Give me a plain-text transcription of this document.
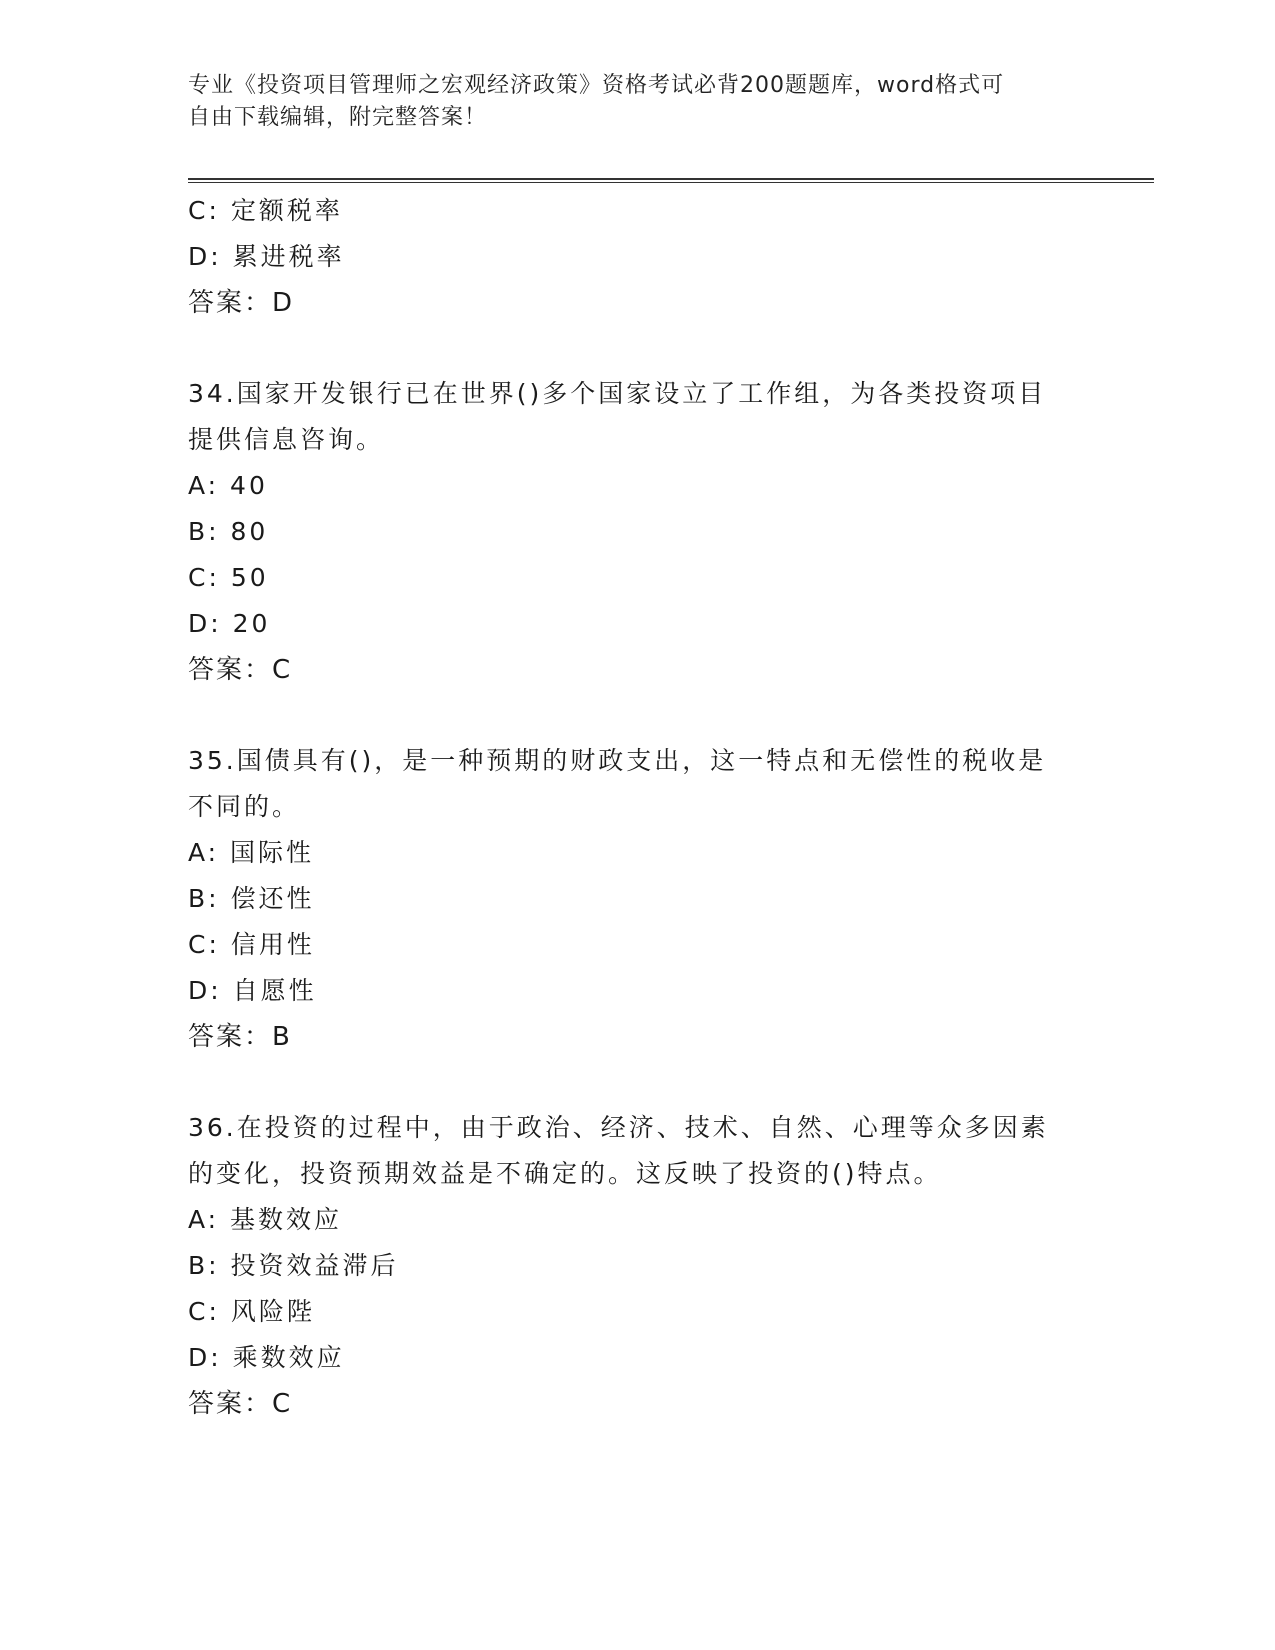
专业《投资项目管理师之宏观经济政策》资格考试必背200题题库，word格式可
自由下载编辑，附完整答案！
C: 定额税率
D: 累进税率
答案：D
34.国家开发银行已在世界()多个国家设立了工作组，为各类投资项目
提供信息咨询。
A: 40
B: 80
C: 50
D: 20
答案：C
35.国债具有()，是一种预期的财政支出，这一特点和无偿性的税收是
不同的。
A: 国际性
B: 偿还性
C: 信用性
D: 自愿性
答案：B
36.在投资的过程中，由于政治、经济、技术、自然、心理等众多因素
的变化，投资预期效益是不确定的。这反映了投资的()特点。
A: 基数效应
B: 投资效益滞后
C: 风险陛
D: 乘数效应
答案：C
